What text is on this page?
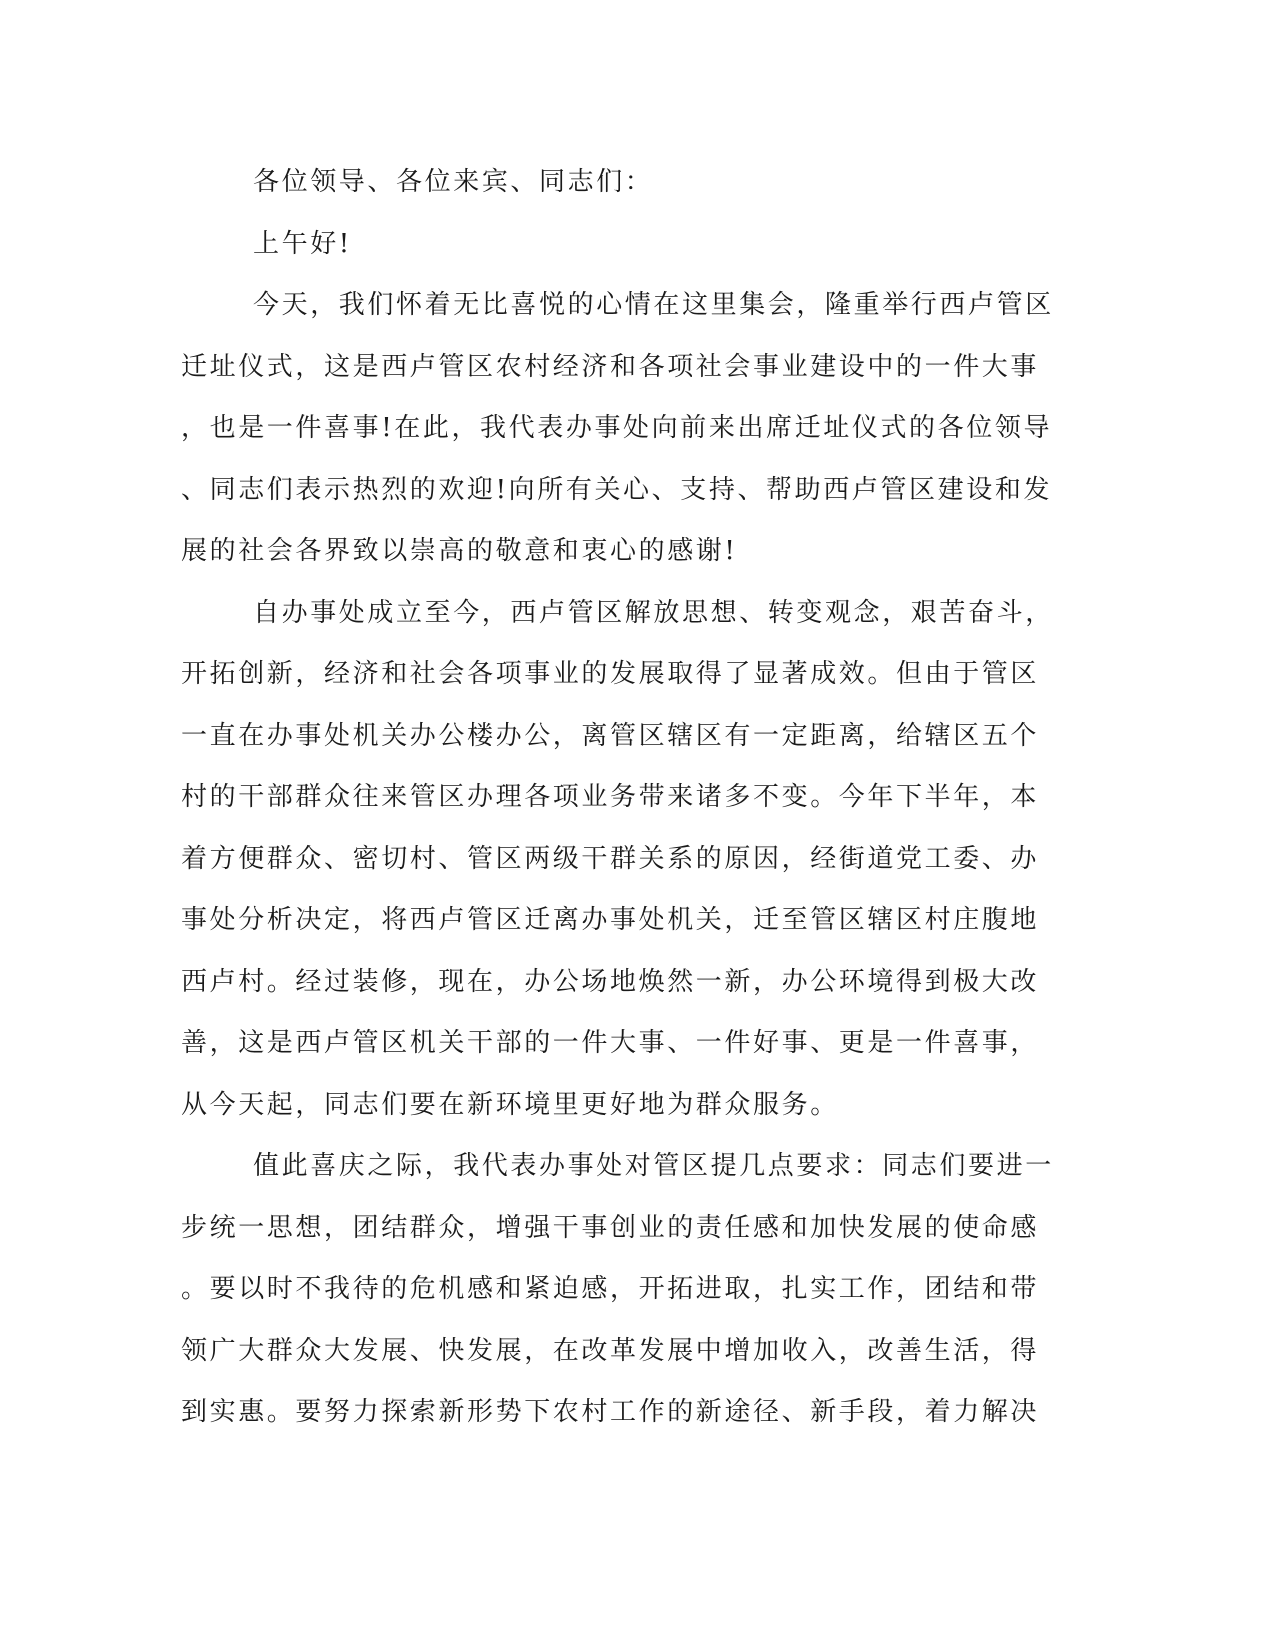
各位领导、各位来宾、同志们：
上午好!
今天，我们怀着无比喜悦的心情在这里集会，隆重举行西卢管区
迁址仪式，这是西卢管区农村经济和各项社会事业建设中的一件大事
，也是一件喜事!在此，我代表办事处向前来出席迁址仪式的各位领导
、同志们表示热烈的欢迎!向所有关心、支持、帮助西卢管区建设和发
展的社会各界致以崇高的敬意和衷心的感谢!
自办事处成立至今，西卢管区解放思想、转变观念，艰苦奋斗，
开拓创新，经济和社会各项事业的发展取得了显著成效。但由于管区
一直在办事处机关办公楼办公，离管区辖区有一定距离，给辖区五个
村的干部群众往来管区办理各项业务带来诸多不变。今年下半年，本
着方便群众、密切村、管区两级干群关系的原因，经街道党工委、办
事处分析决定，将西卢管区迁离办事处机关，迁至管区辖区村庄腹地
西卢村。经过装修，现在，办公场地焕然一新，办公环境得到极大改
善，这是西卢管区机关干部的一件大事、一件好事、更是一件喜事，
从今天起，同志们要在新环境里更好地为群众服务。
值此喜庆之际，我代表办事处对管区提几点要求：同志们要进一
步统一思想，团结群众，增强干事创业的责任感和加快发展的使命感
。要以时不我待的危机感和紧迫感，开拓进取，扎实工作，团结和带
领广大群众大发展、快发展，在改革发展中增加收入，改善生活，得
到实惠。要努力探索新形势下农村工作的新途径、新手段，着力解决
